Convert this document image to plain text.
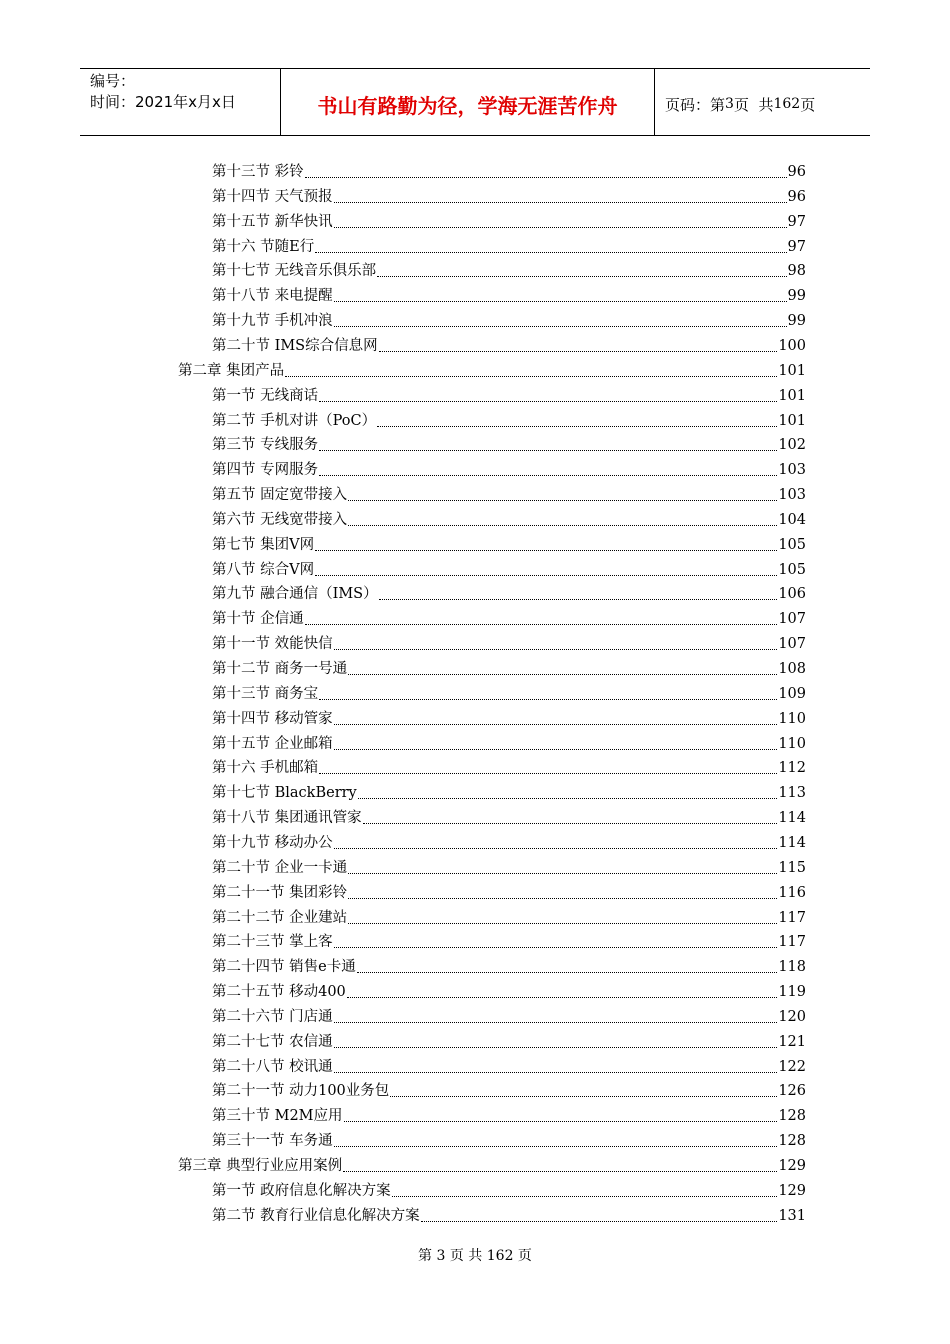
编号：
时间：2021年x月x日	书山有路勤为径，学海无涯苦作舟	页码：第 3 页  共 162 页
第十三节 彩铃	96
第十四节 天气预报	96
第十五节 新华快讯	97
第十六 节随E行	97
第十七节 无线音乐俱乐部	98
第十八节 来电提醒	99
第十九节 手机冲浪	99
第二十节 IMS综合信息网	100
第二章 集团产品	101
第一节 无线商话	101
第二节 手机对讲（PoC）	101
第三节 专线服务	102
第四节 专网服务	103
第五节 固定宽带接入	103
第六节 无线宽带接入	104
第七节 集团V网	105
第八节 综合V网	105
第九节 融合通信（IMS）	106
第十节 企信通	107
第十一节 效能快信	107
第十二节 商务一号通	108
第十三节 商务宝	109
第十四节 移动管家	110
第十五节 企业邮箱	110
第十六 手机邮箱	112
第十七节 BlackBerry	113
第十八节 集团通讯管家	114
第十九节 移动办公	114
第二十节 企业一卡通	115
第二十一节 集团彩铃	116
第二十二节 企业建站	117
第二十三节 掌上客	117
第二十四节 销售e卡通	118
第二十五节 移动400	119
第二十六节 门店通	120
第二十七节 农信通	121
第二十八节 校讯通	122
第二十一节 动力100业务包	126
第三十节 M2M应用	128
第三十一节 车务通	128
第三章 典型行业应用案例	129
第一节 政府信息化解决方案	129
第二节 教育行业信息化解决方案	131
第 3 页 共 162 页
